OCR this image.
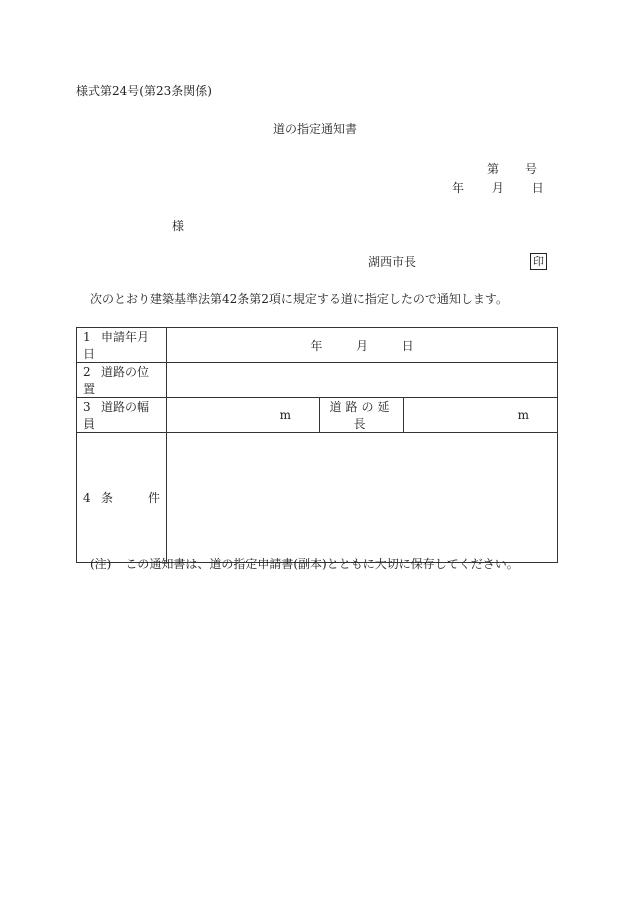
様式第24号(第23条関係)
道の指定通知書
第 号
年 月 日
様
湖西市長	印
次のとおり建築基準法第42条第2項に規定する道に指定したので通知します。
1 申請年月日	年 月 日		
2 道路の位置			
3 道路の幅員	m	道路の延長	m

4 条 件			

(注) この通知書は、道の指定申請書(副本)とともに大切に保存してください。
